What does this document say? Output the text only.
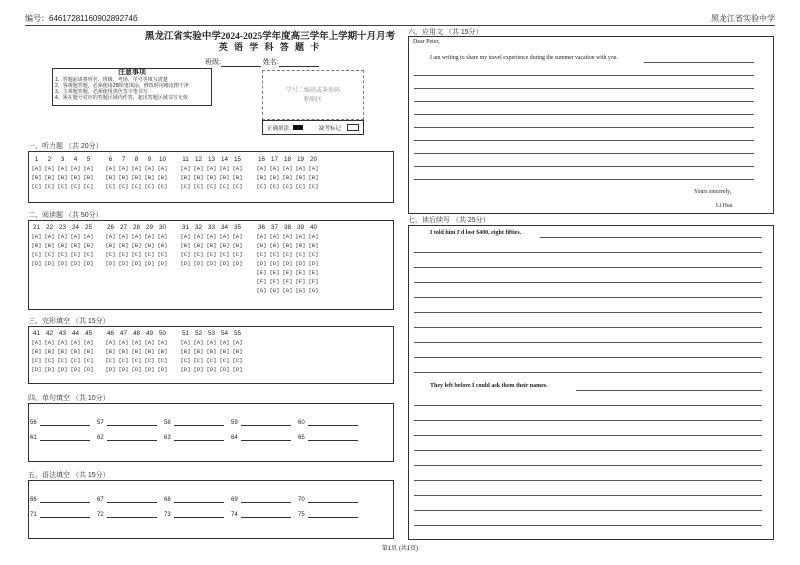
编号：6461728116090289274б	黑龙江省实验中学
黑龙江省实验中学2024-2025学年度高三学年上学期十月月考
英 语 学 科 答 题 卡
班级:	姓名:
注意事项
1、答题前请将姓名、班级、考场、学号等填写清楚
2、客观题答题，必须使用2B铅笔填涂，修改时用橡皮擦干净
3、主观题答题，必须使用黑色签字笔书写
4、须在题号对应的答题区域内作答，超出答题区域书写无效
学号二维码或条形码
粘贴区
正确填涂	缺考标记
一、听力题 （共 20分）
二、阅读题 （共 50分）
三、完形填空 （共 15分）
四、单句填空 （共 10分）
五、语法填空 （共 15分）
六、应用文 （共 15分）
Dear Peter,
I am writing to share my travel experience during the summer vacation with you.
Yours sincerely,
Li Hua
七、读后续写 （共 25分）
I told him I'd lost $400, eight fifties.
They left before I could ask them their names.
第1页 (共1页)
1	2	3	4	5
[A] [A] [A] [A] [A]
[B] [B] [B] [B] [B]
[C] [C] [C] [C] [C]
6	7	8	9	10
[A] [A] [A] [A] [A]
[B] [B] [B] [B] [B]
[C] [C] [C] [C] [C]
11 12 13 14 15
[A] [A] [A] [A] [A]
[B] [B] [B] [B] [B]
[C] [C] [C] [C] [C]
16 17 18 19 20
[A] [A] [A] [A] [A]
[B] [B] [B] [B] [B]
[C] [C] [C] [C] [C]
21 22 23 24 25
[A] [A] [A] [A] [A]
[B] [B] [B] [B] [B]
[C] [C] [C] [C] [C]
[D] [D] [D] [D] [D]
26 27 28 29 30
[A] [A] [A] [A] [A]
[B] [B] [B] [B] [B]
[C] [C] [C] [C] [C]
[D] [D] [D] [D] [D]
31 32 33 34 35
[A] [A] [A] [A] [A]
[B] [B] [B] [B] [B]
[C] [C] [C] [C] [C]
[D] [D] [D] [D] [D]
36 37 38 39 40
[A] [A] [A] [A] [A]
[B] [B] [B] [B] [B]
[C] [C] [C] [C] [C]
[D] [D] [D] [D] [D]
[E] [E] [E] [E] [E]
[F] [F] [F] [F] [F]
[G] [G] [G] [G] [G]
41 42 43 44 45
[A] [A] [A] [A] [A]
[B] [B] [B] [B] [B]
[C] [C] [C] [C] [C]
[D] [D] [D] [D] [D]
46 47 48 49 50
[A] [A] [A] [A] [A]
[B] [B] [B] [B] [B]
[C] [C] [C] [C] [C]
[D] [D] [D] [D] [D]
51 52 53 54 55
[A] [A] [A] [A] [A]
[B] [B] [B] [B] [B]
[C] [C] [C] [C] [C]
[D] [D] [D] [D] [D]
56	57	58	59	60
61	62	63	64	65
66	67	68	69	70
71	72	73	74	75
